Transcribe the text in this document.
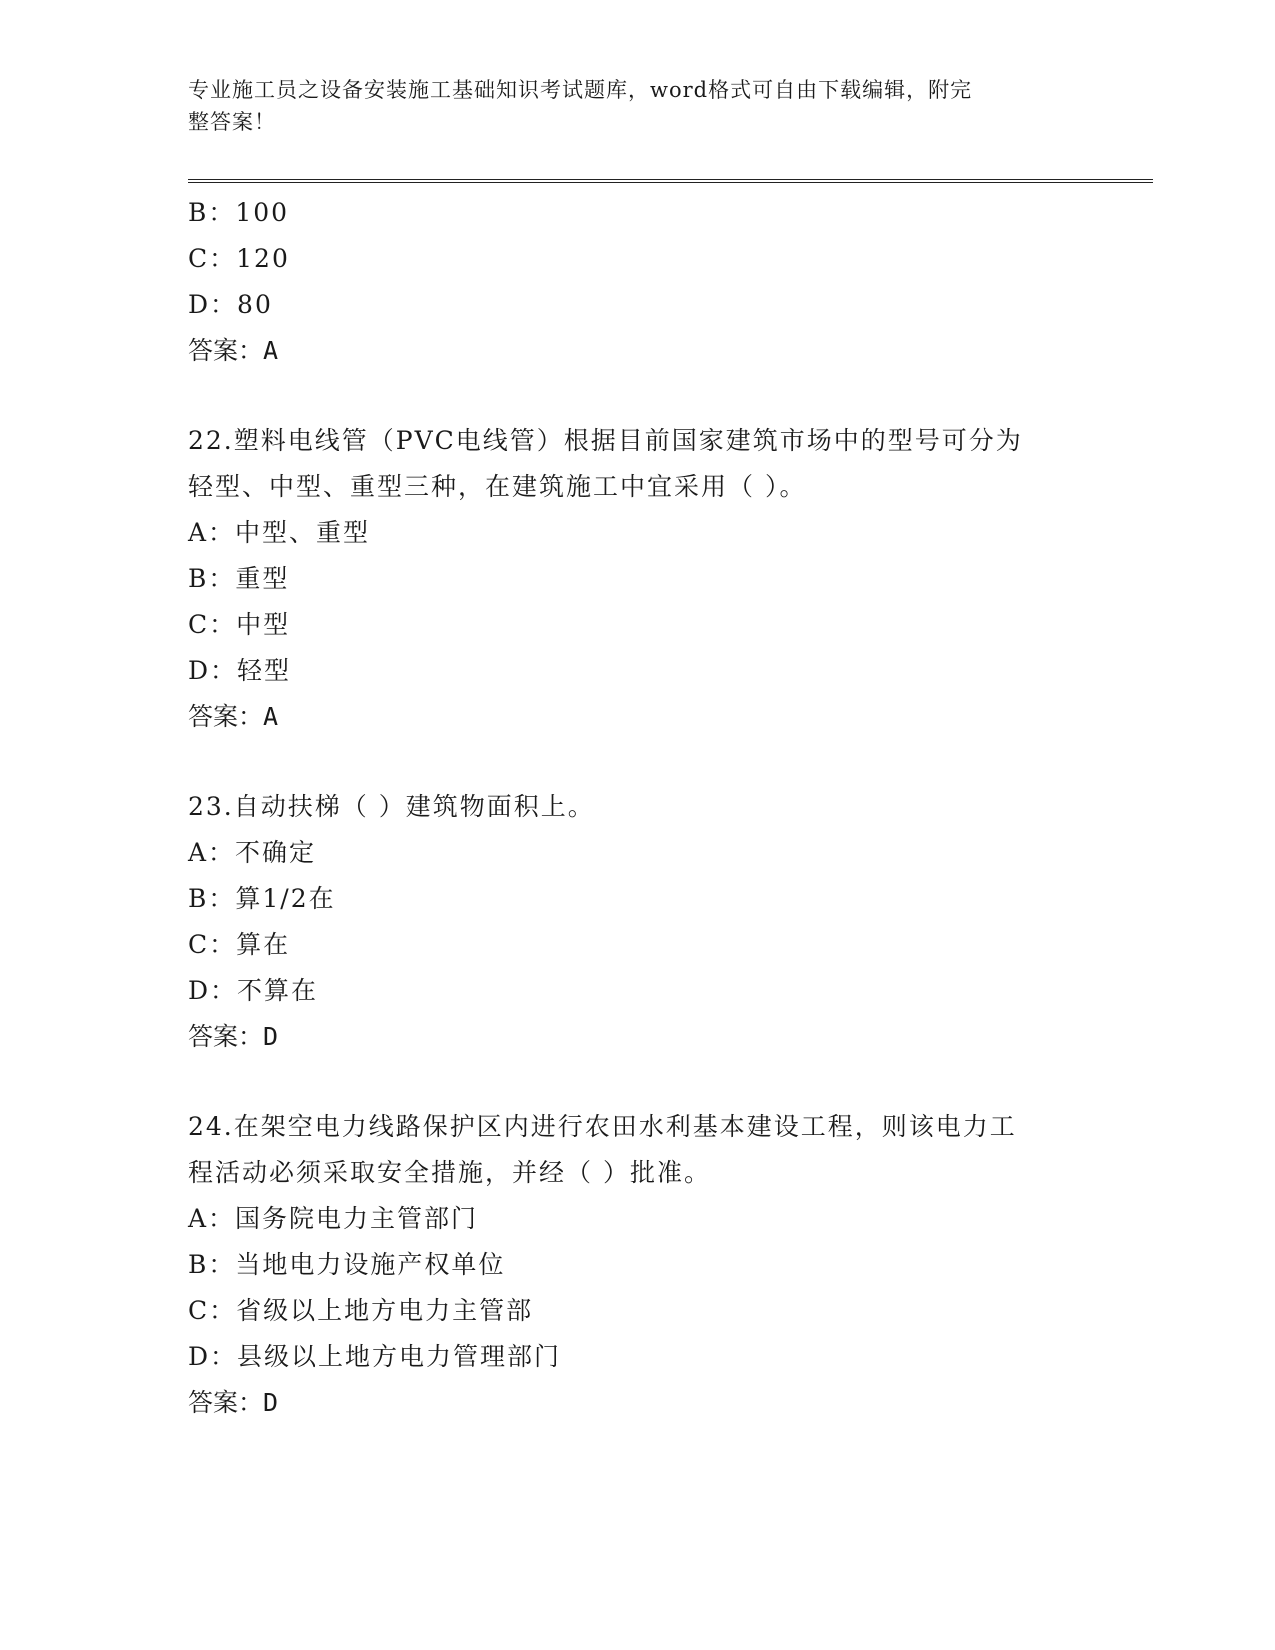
专业施工员之设备安装施工基础知识考试题库，word格式可自由下载编辑，附完
整答案！
B：100
C：120
D：80
答案：A
22.塑料电线管（PVC电线管）根据目前国家建筑市场中的型号可分为
轻型、中型、重型三种，在建筑施工中宜采用（ ）。
A：中型、重型
B：重型
C：中型
D：轻型
答案：A
23.自动扶梯（ ）建筑物面积上。
A：不确定
B：算1/2在
C：算在
D：不算在
答案：D
24.在架空电力线路保护区内进行农田水利基本建设工程，则该电力工
程活动必须采取安全措施，并经（ ）批准。
A：国务院电力主管部门
B：当地电力设施产权单位
C：省级以上地方电力主管部
D：县级以上地方电力管理部门
答案：D
